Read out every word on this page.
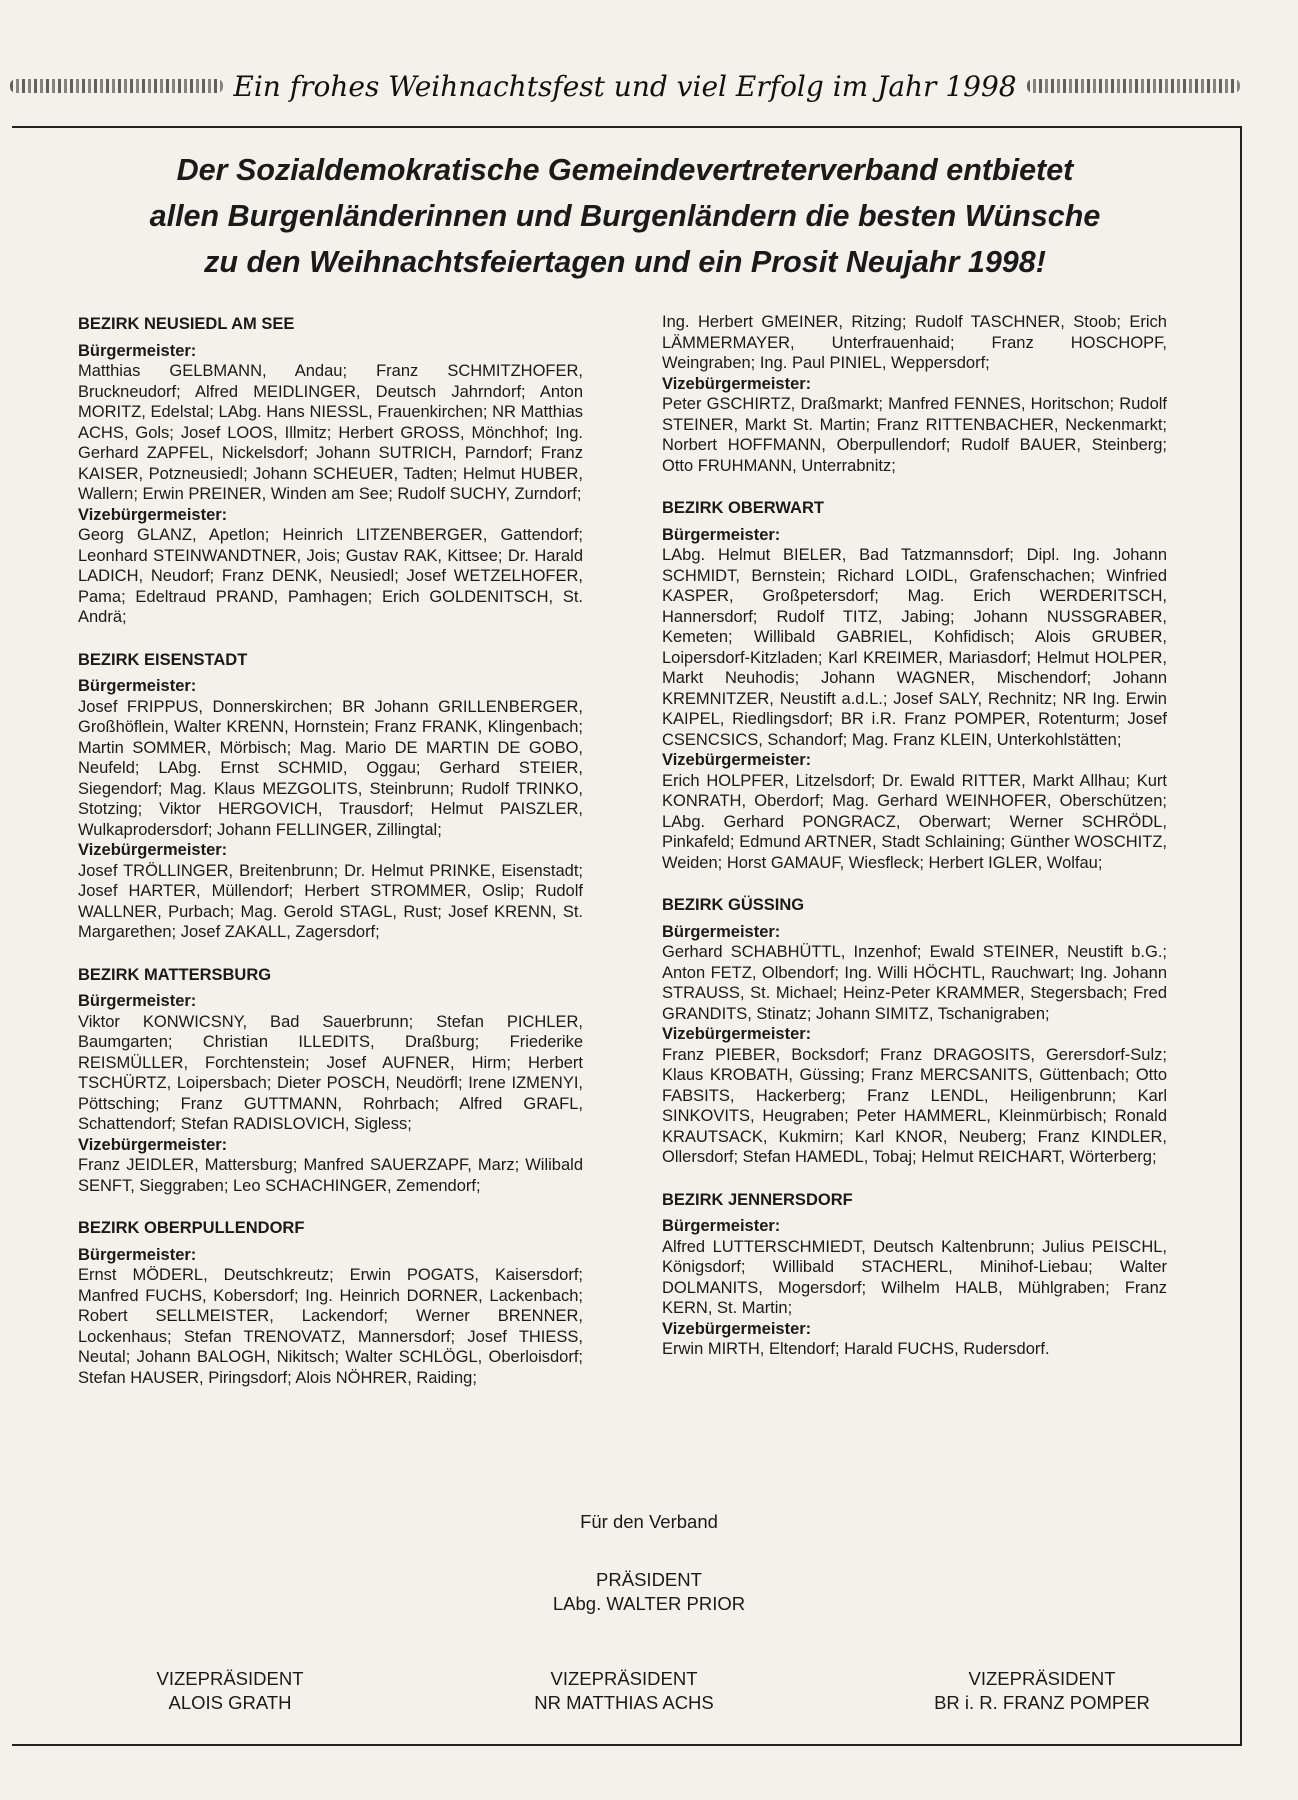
Ein frohes Weihnachtsfest und viel Erfolg im Jahr 1998
Der Sozialdemokratische Gemeindevertreterverband entbietet
allen Burgenländerinnen und Burgenländern die besten Wünsche
zu den Weihnachtsfeiertagen und ein Prosit Neujahr 1998!
BEZIRK NEUSIEDL AM SEE
Bürgermeister:
Matthias GELBMANN, Andau; Franz SCHMITZHOFER, Bruckneudorf; Alfred MEIDLINGER, Deutsch Jahrndorf; Anton MORITZ, Edelstal; LAbg. Hans NIESSL, Frauenkirchen; NR Matthias ACHS, Gols; Josef LOOS, Illmitz; Herbert GROSS, Mönchhof; Ing. Gerhard ZAPFEL, Nickelsdorf; Johann SUTRICH, Parndorf; Franz KAISER, Potzneusiedl; Johann SCHEUER, Tadten; Helmut HUBER, Wallern; Erwin PREINER, Winden am See; Rudolf SUCHY, Zurndorf;
Vizebürgermeister:
Georg GLANZ, Apetlon; Heinrich LITZENBERGER, Gattendorf; Leonhard STEINWANDTNER, Jois; Gustav RAK, Kittsee; Dr. Harald LADICH, Neudorf; Franz DENK, Neusiedl; Josef WETZELHOFER, Pama; Edeltraud PRAND, Pamhagen; Erich GOLDENITSCH, St. Andrä;
BEZIRK EISENSTADT
Bürgermeister:
Josef FRIPPUS, Donnerskirchen; BR Johann GRILLENBERGER, Großhöflein, Walter KRENN, Hornstein; Franz FRANK, Klingenbach; Martin SOMMER, Mörbisch; Mag. Mario DE MARTIN DE GOBO, Neufeld; LAbg. Ernst SCHMID, Oggau; Gerhard STEIER, Siegendorf; Mag. Klaus MEZGOLITS, Steinbrunn; Rudolf TRINKO, Stotzing; Viktor HERGOVICH, Trausdorf; Helmut PAISZLER, Wulkaprodersdorf; Johann FELLINGER, Zillingtal;
Vizebürgermeister:
Josef TRÖLLINGER, Breitenbrunn; Dr. Helmut PRINKE, Eisenstadt; Josef HARTER, Müllendorf; Herbert STROMMER, Oslip; Rudolf WALLNER, Purbach; Mag. Gerold STAGL, Rust; Josef KRENN, St. Margarethen; Josef ZAKALL, Zagersdorf;
BEZIRK MATTERSBURG
Bürgermeister:
Viktor KONWICSNY, Bad Sauerbrunn; Stefan PICHLER, Baumgarten; Christian ILLEDITS, Draßburg; Friederike REISMÜLLER, Forchtenstein; Josef AUFNER, Hirm; Herbert TSCHÜRTZ, Loipersbach; Dieter POSCH, Neudörfl; Irene IZMENYI, Pöttsching; Franz GUTTMANN, Rohrbach; Alfred GRAFL, Schattendorf; Stefan RADISLOVICH, Sigless;
Vizebürgermeister:
Franz JEIDLER, Mattersburg; Manfred SAUERZAPF, Marz; Wilibald SENFT, Sieggraben; Leo SCHACHINGER, Zemendorf;
BEZIRK OBERPULLENDORF
Bürgermeister:
Ernst MÖDERL, Deutschkreutz; Erwin POGATS, Kaisersdorf; Manfred FUCHS, Kobersdorf; Ing. Heinrich DORNER, Lackenbach; Robert SELLMEISTER, Lackendorf; Werner BRENNER, Lockenhaus; Stefan TRENOVATZ, Mannersdorf; Josef THIESS, Neutal; Johann BALOGH, Nikitsch; Walter SCHLÖGL, Oberloisdorf; Stefan HAUSER, Piringsdorf; Alois NÖHRER, Raiding;
Ing. Herbert GMEINER, Ritzing; Rudolf TASCHNER, Stoob; Erich LÄMMERMAYER, Unterfrauenhaid; Franz HOSCHOPF, Weingraben; Ing. Paul PINIEL, Weppersdorf;
Vizebürgermeister:
Peter GSCHIRTZ, Draßmarkt; Manfred FENNES, Horitschon; Rudolf STEINER, Markt St. Martin; Franz RITTENBACHER, Neckenmarkt; Norbert HOFFMANN, Oberpullendorf; Rudolf BAUER, Steinberg; Otto FRUHMANN, Unterrabnitz;
BEZIRK OBERWART
Bürgermeister:
LAbg. Helmut BIELER, Bad Tatzmannsdorf; Dipl. Ing. Johann SCHMIDT, Bernstein; Richard LOIDL, Grafenschachen; Winfried KASPER, Großpetersdorf; Mag. Erich WERDERITSCH, Hannersdorf; Rudolf TITZ, Jabing; Johann NUSSGRABER, Kemeten; Willibald GABRIEL, Kohfidisch; Alois GRUBER, Loipersdorf-Kitzladen; Karl KREIMER, Mariasdorf; Helmut HOLPER, Markt Neuhodis; Johann WAGNER, Mischendorf; Johann KREMNITZER, Neustift a.d.L.; Josef SALY, Rechnitz; NR Ing. Erwin KAIPEL, Riedlingsdorf; BR i.R. Franz POMPER, Rotenturm; Josef CSENCSICS, Schandorf; Mag. Franz KLEIN, Unterkohlstätten;
Vizebürgermeister:
Erich HOLPFER, Litzelsdorf; Dr. Ewald RITTER, Markt Allhau; Kurt KONRATH, Oberdorf; Mag. Gerhard WEINHOFER, Oberschützen; LAbg. Gerhard PONGRACZ, Oberwart; Werner SCHRÖDL, Pinkafeld; Edmund ARTNER, Stadt Schlaining; Günther WOSCHITZ, Weiden; Horst GAMAUF, Wiesfleck; Herbert IGLER, Wolfau;
BEZIRK GÜSSING
Bürgermeister:
Gerhard SCHABHÜTTL, Inzenhof; Ewald STEINER, Neustift b.G.; Anton FETZ, Olbendorf; Ing. Willi HÖCHTL, Rauchwart; Ing. Johann STRAUSS, St. Michael; Heinz-Peter KRAMMER, Stegersbach; Fred GRANDITS, Stinatz; Johann SIMITZ, Tschanigraben;
Vizebürgermeister:
Franz PIEBER, Bocksdorf; Franz DRAGOSITS, Gerersdorf-Sulz; Klaus KROBATH, Güssing; Franz MERCSANITS, Güttenbach; Otto FABSITS, Hackerberg; Franz LENDL, Heiligenbrunn; Karl SINKOVITS, Heugraben; Peter HAMMERL, Kleinmürbisch; Ronald KRAUTSACK, Kukmirn; Karl KNOR, Neuberg; Franz KINDLER, Ollersdorf; Stefan HAMEDL, Tobaj; Helmut REICHART, Wörterberg;
BEZIRK JENNERSDORF
Bürgermeister:
Alfred LUTTERSCHMIEDT, Deutsch Kaltenbrunn; Julius PEISCHL, Königsdorf; Willibald STACHERL, Minihof-Liebau; Walter DOLMANITS, Mogersdorf; Wilhelm HALB, Mühlgraben; Franz KERN, St. Martin;
Vizebürgermeister:
Erwin MIRTH, Eltendorf; Harald FUCHS, Rudersdorf.
Für den Verband
PRÄSIDENT
LAbg. WALTER PRIOR
VIZEPRÄSIDENT
ALOIS GRATH
VIZEPRÄSIDENT
NR MATTHIAS ACHS
VIZEPRÄSIDENT
BR i. R. FRANZ POMPER
